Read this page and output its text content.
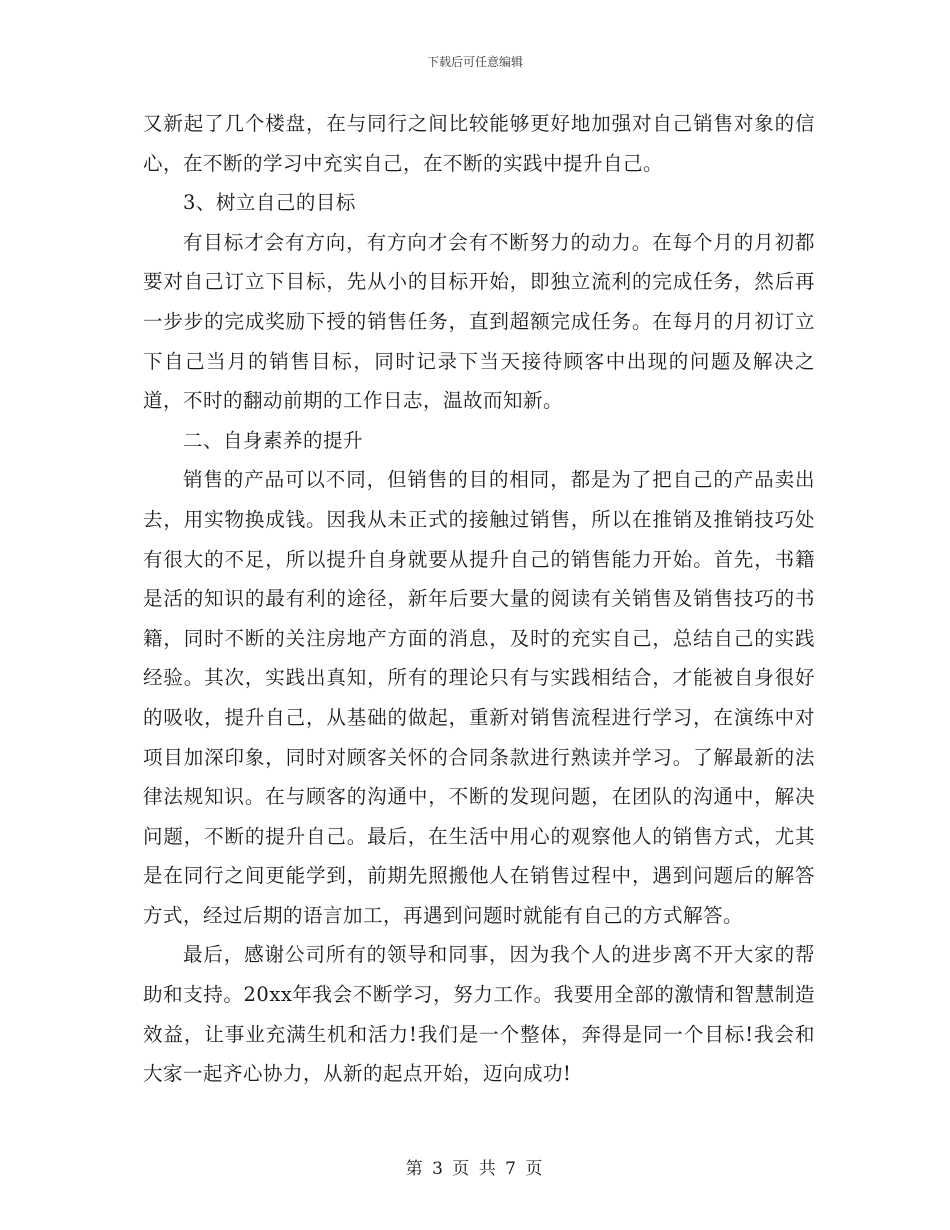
下载后可任意编辑

又新起了几个楼盘，在与同行之间比较能够更好地加强对自己销售对象的信心，在不断的学习中充实自己，在不断的实践中提升自己。

3、树立自己的目标

有目标才会有方向，有方向才会有不断努力的动力。在每个月的月初都要对自己订立下目标，先从小的目标开始，即独立流利的完成任务，然后再一步步的完成奖励下授的销售任务，直到超额完成任务。在每月的月初订立下自己当月的销售目标，同时记录下当天接待顾客中出现的问题及解决之道，不时的翻动前期的工作日志，温故而知新。

二、自身素养的提升

销售的产品可以不同，但销售的目的相同，都是为了把自己的产品卖出去，用实物换成钱。因我从未正式的接触过销售，所以在推销及推销技巧处有很大的不足，所以提升自身就要从提升自己的销售能力开始。首先，书籍是活的知识的最有利的途径，新年后要大量的阅读有关销售及销售技巧的书籍，同时不断的关注房地产方面的消息，及时的充实自己，总结自己的实践经验。其次，实践出真知，所有的理论只有与实践相结合，才能被自身很好的吸收，提升自己，从基础的做起，重新对销售流程进行学习，在演练中对项目加深印象，同时对顾客关怀的合同条款进行熟读并学习。了解最新的法律法规知识。在与顾客的沟通中，不断的发现问题，在团队的沟通中，解决问题，不断的提升自己。最后，在生活中用心的观察他人的销售方式，尤其是在同行之间更能学到，前期先照搬他人在销售过程中，遇到问题后的解答方式，经过后期的语言加工，再遇到问题时就能有自己的方式解答。

最后，感谢公司所有的领导和同事，因为我个人的进步离不开大家的帮助和支持。20xx年我会不断学习，努力工作。我要用全部的激情和智慧制造效益，让事业充满生机和活力!我们是一个整体，奔得是同一个目标!我会和大家一起齐心协力，从新的起点开始，迈向成功!

第 3 页 共 7 页
